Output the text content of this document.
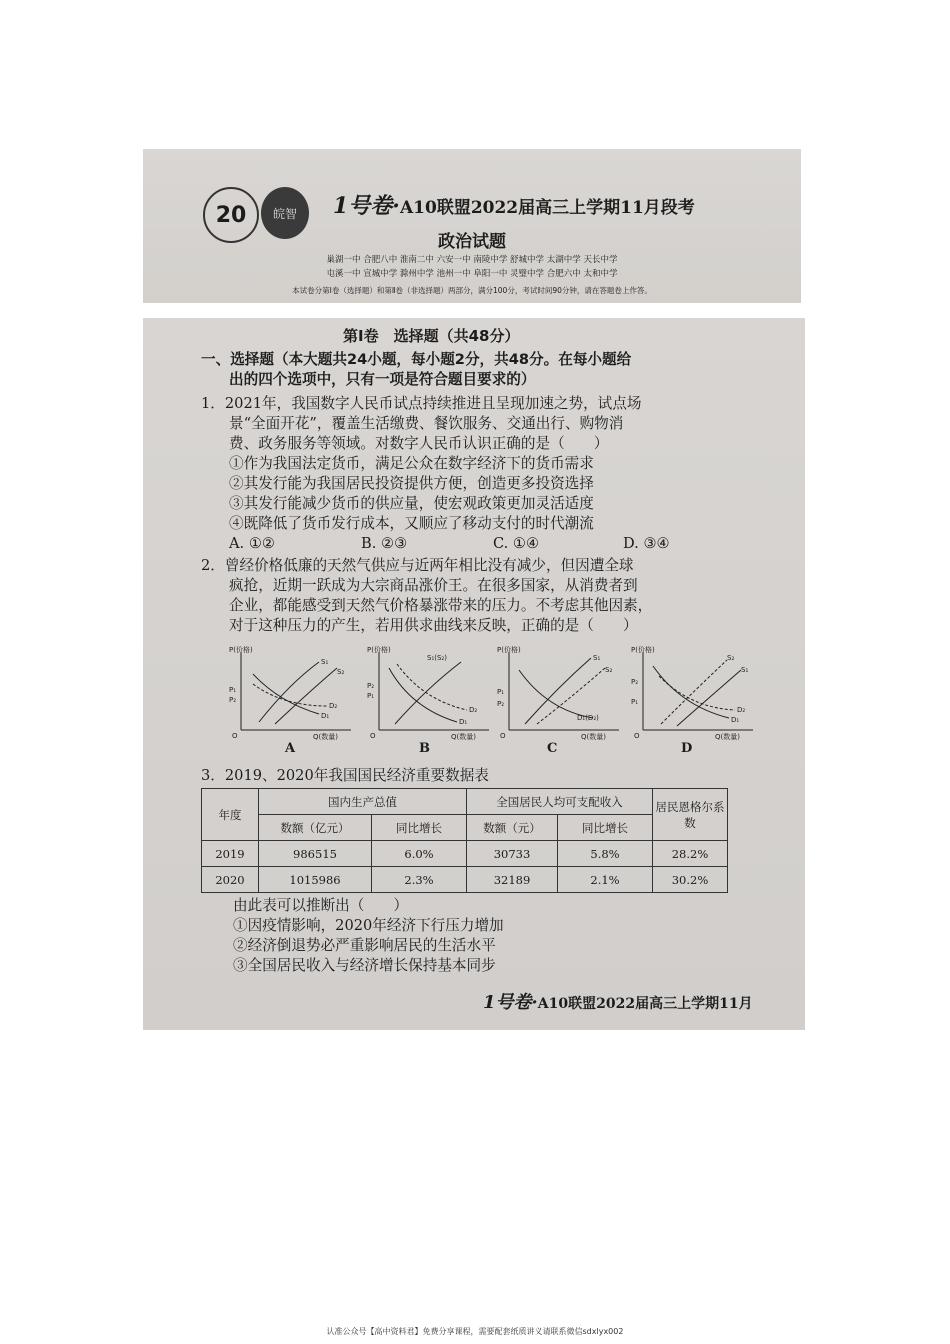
20	皖智	1号卷·A10联盟2022届高三上学期11月段考
政治试题
巢湖一中 合肥八中 淮南二中 六安一中 南陵中学 舒城中学 太湖中学 天长中学
屯溪一中 宣城中学 滁州中学 池州一中 阜阳一中 灵璧中学 合肥六中 太和中学
本试卷分第Ⅰ卷（选择题）和第Ⅱ卷（非选择题）两部分，满分100分，考试时间90分钟，请在答题卷上作答。
第Ⅰ卷　选择题（共48分）
一、选择题（本大题共24小题，每小题2分，共48分。在每小题给
出的四个选项中，只有一项是符合题目要求的）
1．2021年，我国数字人民币试点持续推进且呈现加速之势，试点场
景“全面开花”，覆盖生活缴费、餐饮服务、交通出行、购物消
费、政务服务等领域。对数字人民币认识正确的是（　　）
①作为我国法定货币，满足公众在数字经济下的货币需求
②其发行能为我国居民投资提供方便，创造更多投资选择
③其发行能减少货币的供应量，使宏观政策更加灵活适度
④既降低了货币发行成本，又顺应了移动支付的时代潮流
A. ①②	B. ②③	C. ①④	D. ③④
2．曾经价格低廉的天然气供应与近两年相比没有减少，但因遭全球
疯抢，近期一跃成为大宗商品涨价王。在很多国家，从消费者到
企业，都能感受到天然气价格暴涨带来的压力。不考虑其他因素，
对于这种压力的产生，若用供求曲线来反映，正确的是（　　）
P(价格)
Q(数量)
O
S₁
S₂
D₁
D₂
P₁
P₂
P(价格)
Q(数量)
O
S₁(S₂)
D₁
D₂
P₂
P₁
P(价格)
Q(数量)
O
S₁
S₂
D₁(D₂)
P₁
P₂
P(价格)
Q(数量)
O
S₂
S₁
D₁
D₂
P₂
P₁
A	B	C	D
3．2019、2020年我国国民经济重要数据表
年度	国内生产总值		全国居民人均可支配收入		居民恩格尔系数
	数额（亿元）	同比增长	数额（元）	同比增长	
2019	986515	6.0%	30733	5.8%	28.2%
2020	1015986	2.3%	32189	2.1%	30.2%
由此表可以推断出（　　）
①因疫情影响，2020年经济下行压力增加
②经济倒退势必严重影响居民的生活水平
③全国居民收入与经济增长保持基本同步
1号卷·A10联盟2022届高三上学期11月
认准公众号【高中资料君】免费分享课程，需要配套纸质讲义请联系微信sdxlyx002
